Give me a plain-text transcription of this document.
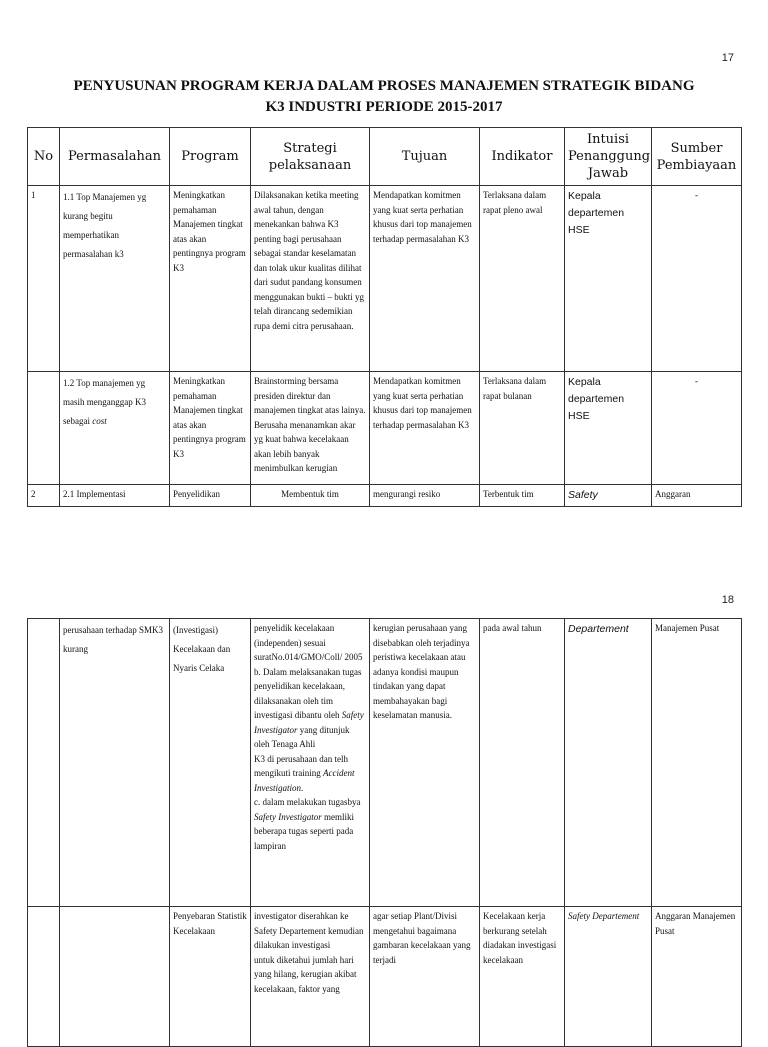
17
PENYUSUNAN PROGRAM KERJA DALAM PROSES MANAJEMEN STRATEGIK BIDANG
K3 INDUSTRI PERIODE 2015-2017
No	Permasalahan	Program	Strategi pelaksanaan	Tujuan	Indikator	Intuisi Penanggung Jawab	Sumber Pembiayaan
1	1.1 Top Manajemen yg kurang begitu memperhatikan permasalahan k3	Meningkatkan pemahaman Manajemen tingkat atas akan pentingnya program K3	Dilaksanakan ketika meeting awal tahun, dengan menekankan bahwa K3 penting bagi perusahaan sebagai standar keselamatan dan tolak ukur kualitas dilihat dari sudut pandang konsumen menggunakan bukti – bukti yg telah dirancang sedemikian rupa demi citra perusahaan.	Mendapatkan komitmen yang kuat serta perhatian khusus dari top manajemen terhadap permasalahan K3	Terlaksana dalam rapat pleno awal	Kepala departemen HSE	-
	1.2 Top manajemen yg masih menganggap K3 sebagai cost	Meningkatkan pemahaman Manajemen tingkat atas akan pentingnya program K3	Brainstorming bersama presiden direktur dan manajemen tingkat atas lainya. Berusaha menanamkan akar yg kuat bahwa kecelakaan akan lebih banyak menimbulkan kerugian	Mendapatkan komitmen yang kuat serta perhatian khusus dari top manajemen terhadap permasalahan K3	Terlaksana dalam rapat bulanan	Kepala departemen HSE	-
2	2.1 Implementasi	Penyelidikan	Membentuk tim	mengurangi resiko	Terbentuk tim	Safety	Anggaran
18
	perusahaan terhadap SMK3 kurang	(Investigasi) Kecelakaan dan Nyaris Celaka	penyelidik kecelakaan (independen) sesuai suratNo.014/GMO/Coll/ 2005
b. Dalam melaksanakan tugas penyelidikan kecelakaan, dilaksanakan oleh tim investigasi dibantu oleh Safety Investigator yang ditunjuk oleh Tenaga Ahli
K3 di perusahaan dan telh mengikuti training Accident Investigation.
c. dalam melakukan tugasbya Safety Investigator memliki beberapa tugas seperti pada lampiran	kerugian perusahaan yang disebabkan oleh terjadinya peristiwa kecelakaan atau adanya kondisi maupun tindakan yang dapat membahayakan bagi keselamatan manusia.	pada awal tahun	Departement	Manajemen Pusat
		Penyebaran Statistik Kecelakaan	investigator diserahkan ke Safety Departement kemudian dilakukan investigasi
untuk diketahui jumlah hari yang hilang, kerugian akibat kecelakaan, faktor yang	agar setiap Plant/Divisi mengetahui bagaimana gambaran kecelakaan yang terjadi	Kecelakaan kerja berkurang setelah diadakan investigasi kecelakaan	Safety Departement	Anggaran Manajemen Pusat
